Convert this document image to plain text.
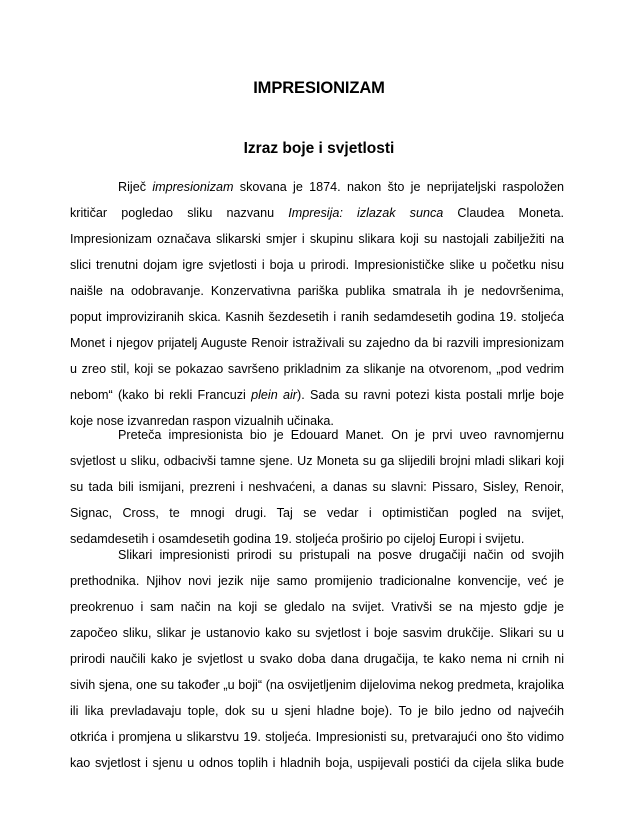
IMPRESIONIZAM
Izraz boje i svjetlosti
Riječ impresionizam skovana je 1874. nakon što je neprijateljski raspoložen
kritičar pogledao sliku nazvanu Impresija: izlazak sunca Claudea Moneta.
Impresionizam označava slikarski smjer i skupinu slikara koji su nastojali zabilježiti na
slici trenutni dojam igre svjetlosti i boja u prirodi. Impresionističke slike u početku nisu
naišle na odobravanje. Konzervativna pariška publika smatrala ih je nedovršenima,
poput improviziranih skica. Kasnih šezdesetih i ranih sedamdesetih godina 19. stoljeća
Monet i njegov prijatelj Auguste Renoir istraživali su zajedno da bi razvili impresionizam
u zreo stil, koji se pokazao savršeno prikladnim za slikanje na otvorenom, „pod vedrim
nebom“ (kako bi rekli Francuzi plein air). Sada su ravni potezi kista postali mrlje boje
koje nose izvanredan raspon vizualnih učinaka.
Preteča impresionista bio je Edouard Manet. On je prvi uveo ravnomjernu
svjetlost u sliku, odbacivši tamne sjene. Uz Moneta su ga slijedili brojni mladi slikari koji
su tada bili ismijani, prezreni i neshvaćeni, a danas su slavni: Pissaro, Sisley, Renoir,
Signac, Cross, te mnogi drugi. Taj se vedar i optimističan pogled na svijet,
sedamdesetih i osamdesetih godina 19. stoljeća proširio po cijeloj Europi i svijetu.
Slikari impresionisti prirodi su pristupali na posve drugačiji način od svojih
prethodnika. Njihov novi jezik nije samo promijenio tradicionalne konvencije, već je
preokrenuo i sam način na koji se gledalo na svijet. Vrativši se na mjesto gdje je
započeo sliku, slikar je ustanovio kako su svjetlost i boje sasvim drukčije. Slikari su u
prirodi naučili kako je svjetlost u svako doba dana drugačija, te kako nema ni crnih ni
sivih sjena, one su također „u boji“ (na osvijetljenim dijelovima nekog predmeta, krajolika
ili lika prevladavaju tople, dok su u sjeni hladne boje). To je bilo jedno od najvećih
otkrića i promjena u slikarstvu 19. stoljeća. Impresionisti su, pretvarajući ono što vidimo
kao svjetlost i sjenu u odnos toplih i hladnih boja, uspijevali postići da cijela slika bude
